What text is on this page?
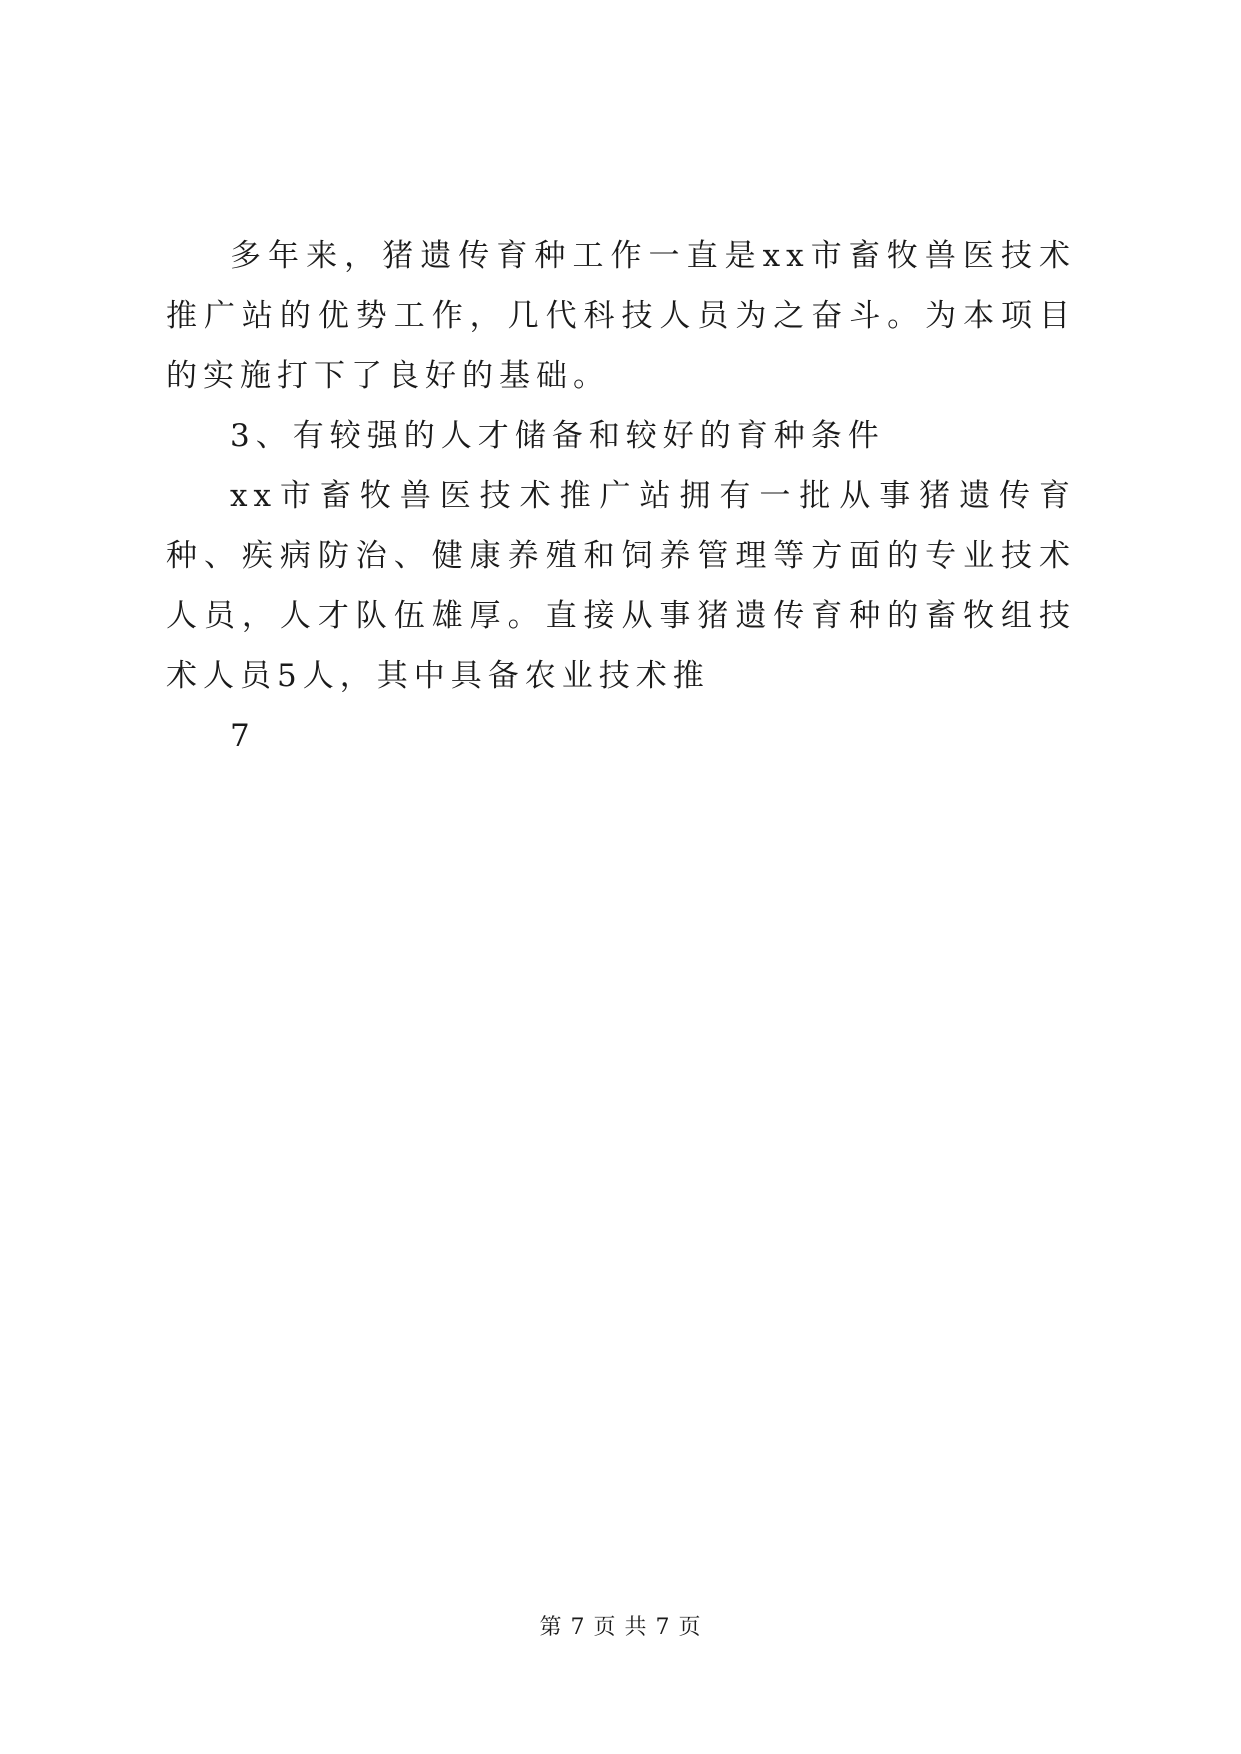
多年来，猪遗传育种工作一直是xx市畜牧兽医技术推广站的优势工作，几代科技人员为之奋斗。为本项目的实施打下了良好的基础。

3、有较强的人才储备和较好的育种条件

xx市畜牧兽医技术推广站拥有一批从事猪遗传育种、疾病防治、健康养殖和饲养管理等方面的专业技术人员，人才队伍雄厚。直接从事猪遗传育种的畜牧组技术人员5人，其中具备农业技术推

7

第 7 页 共 7 页
